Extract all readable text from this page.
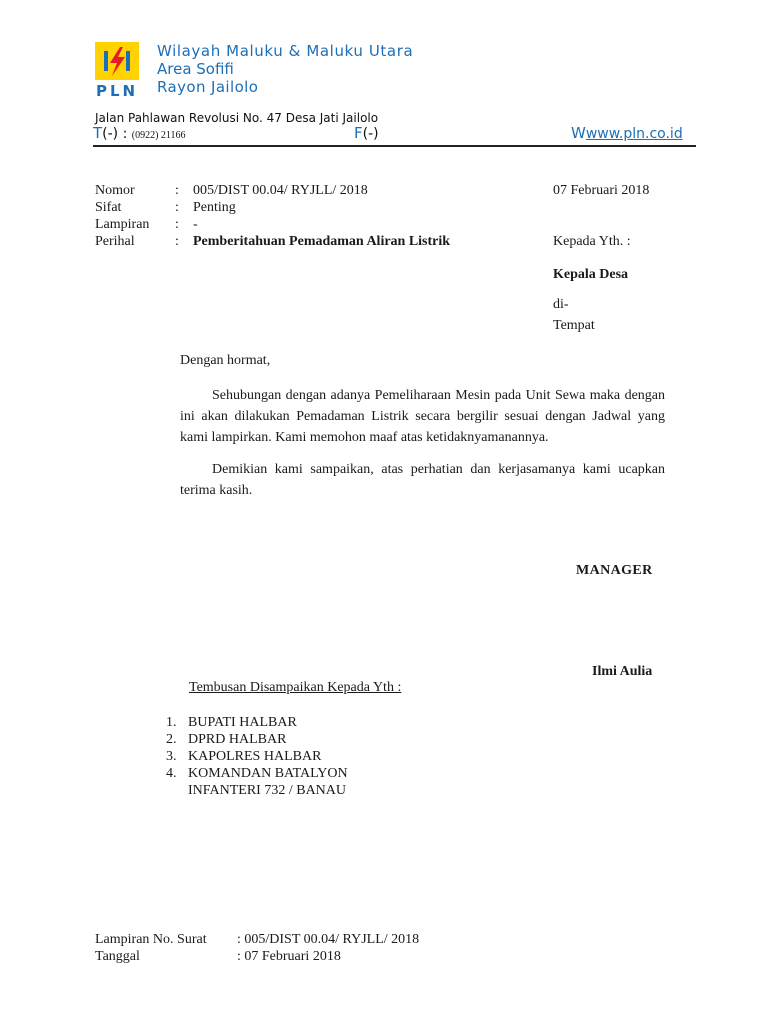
PLN
Wilayah Maluku & Maluku Utara
Area Sofifi
Rayon Jailolo
Jalan Pahlawan Revolusi No. 47 Desa Jati Jailolo
T(-) : (0922) 21166	F(-)	Wwww.pln.co.id
Nomor	: 005/DIST 00.04/ RYJLL/ 2018
Sifat	: Penting
Lampiran	: -
Perihal	: Pemberitahuan Pemadaman Aliran Listrik
07 Februari 2018
Kepada Yth. :
Kepala Desa
di-
Tempat
Dengan hormat,
Sehubungan dengan adanya Pemeliharaan Mesin pada Unit Sewa maka dengan ini akan dilakukan Pemadaman Listrik secara bergilir sesuai dengan Jadwal yang kami lampirkan. Kami memohon maaf atas ketidaknyamanannya.
Demikian kami sampaikan, atas perhatian dan kerjasamanya kami ucapkan terima kasih.
MANAGER
Ilmi Aulia
Tembusan Disampaikan Kepada Yth :
1. BUPATI HALBAR
2. DPRD HALBAR
3. KAPOLRES HALBAR
4. KOMANDAN BATALYON INFANTERI 732 / BANAU
Lampiran No. Surat : 005/DIST 00.04/ RYJLL/ 2018
Tanggal	: 07 Februari 2018
